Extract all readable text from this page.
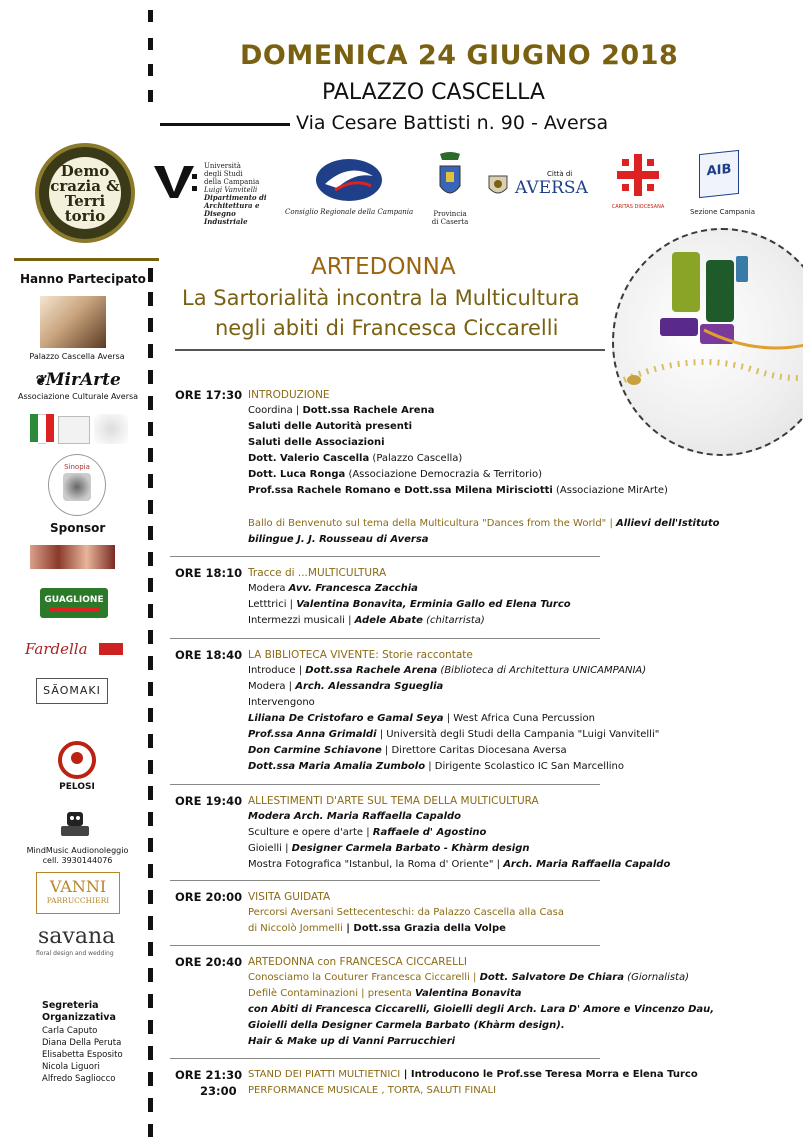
DOMENICA 24 GIUGNO 2018
PALAZZO CASCELLA
Via Cesare Battisti n. 90 - Aversa
Demo crazia & Terri torio
Università
degli Studi
della Campania
Luigi Vanvitelli
Dipartimento di
Architettura e
Disegno Industriale
Consiglio Regionale della Campania	Provincia
di Caserta
Città di
AVERSA
CARITAS DIOCESANA
AIB
Sezione Campania
Hanno Partecipato
Palazzo Cascella Aversa
❦MirArte
Associazione Culturale Aversa
Sinopia
Sponsor
GUAGLIONE
Fardella
SÃOMAKI
PELOSI
MindMusic Audionoleggio
cell. 3930144076
VANNI
PARRUCCHIERI
savana
floral design and wedding
Segreteria
Organizzativa
Carla Caputo
Diana Della Peruta
Elisabetta Esposito
Nicola Liguori
Alfredo Sagliocco
ARTEDONNA
La Sartorialità incontra la Multicultura
negli abiti di Francesca Ciccarelli
ORE 17:30 INTRODUZIONE
Coordina | Dott.ssa Rachele Arena
Saluti delle Autorità presenti
Saluti delle Associazioni
Dott. Valerio Cascella (Palazzo Cascella)
Dott. Luca Ronga (Associazione Democrazia & Territorio)
Prof.ssa Rachele Romano e Dott.ssa Milena Mirisciotti (Associazione MirArte)
Ballo di Benvenuto sul tema della Multicultura "Dances from the World" | Allievi dell'Istituto
bilingue J. J. Rousseau di Aversa
ORE 18:10 Tracce di ...MULTICULTURA
Modera Avv. Francesca Zacchia
Letttrici | Valentina Bonavita, Erminia Gallo ed Elena Turco
Intermezzi musicali | Adele Abate (chitarrista)
ORE 18:40 LA BIBLIOTECA VIVENTE: Storie raccontate
Introduce | Dott.ssa Rachele Arena (Biblioteca di Architettura UNICAMPANIA)
Modera | Arch. Alessandra Sgueglia
Intervengono
Liliana De Cristofaro e Gamal Seya | West Africa Cuna Percussion
Prof.ssa Anna Grimaldi | Università degli Studi della Campania "Luigi Vanvitelli"
Don Carmine Schiavone | Direttore Caritas Diocesana Aversa
Dott.ssa Maria Amalia Zumbolo | Dirigente Scolastico IC San Marcellino
ORE 19:40 ALLESTIMENTI D'ARTE SUL TEMA DELLA MULTICULTURA
Modera Arch. Maria Raffaella Capaldo
Sculture e opere d'arte | Raffaele d' Agostino
Gioielli | Designer Carmela Barbato - Khàrm design
Mostra Fotografica "Istanbul, la Roma d' Oriente" | Arch. Maria Raffaella Capaldo
ORE 20:00 VISITA GUIDATA
Percorsi Aversani Settecenteschi: da Palazzo Cascella alla Casa
di Niccolò Jommelli | Dott.ssa Grazia della Volpe
ORE 20:40 ARTEDONNA con FRANCESCA CICCARELLI
Conosciamo la Couturer Francesca Ciccarelli | Dott. Salvatore De Chiara (Giornalista)
Defilè Contaminazioni | presenta Valentina Bonavita
con Abiti di Francesca Ciccarelli, Gioielli degli Arch. Lara D' Amore e Vincenzo Dau,
Gioielli della Designer Carmela Barbato (Khàrm design).
Hair & Make up di Vanni Parrucchieri
ORE 21:30
23:00
STAND DEI PIATTI MULTIETNICI | Introducono le Prof.sse Teresa Morra e Elena Turco
PERFORMANCE MUSICALE , TORTA, SALUTI FINALI
